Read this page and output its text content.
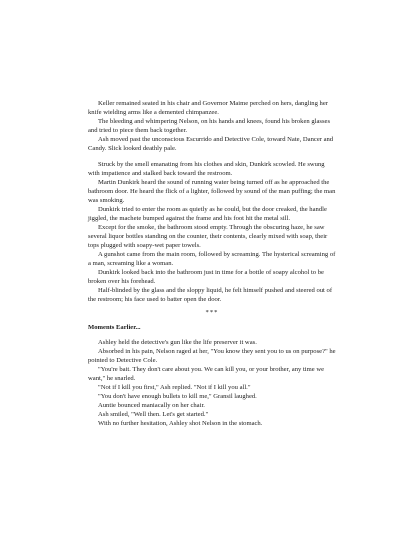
Keller remained seated in his chair and Governor Maime perched on hers, dangling her knife wielding arms like a demented chimpanzee.

The bleeding and whimpering Nelson, on his hands and knees, found his broken glasses and tried to piece them back together.

Ash moved past the unconscious Escurrido and Detective Cole, toward Nate, Dancer and Candy. Slick looked deathly pale.

Struck by the smell emanating from his clothes and skin, Dunkirk scowled. He swung with impatience and stalked back toward the restroom.

Martin Dunkirk heard the sound of running water being turned off as he approached the bathroom door. He heard the flick of a lighter, followed by sound of the man puffing; the man was smoking.

Dunkirk tried to enter the room as quietly as he could, but the door creaked, the handle jiggled, the machete bumped against the frame and his foot hit the metal sill.

Except for the smoke, the bathroom stood empty. Through the obscuring haze, he saw several liquor bottles standing on the counter, their contents, clearly mixed with soap, their tops plugged with soapy-wet paper towels.

A gunshot came from the main room, followed by screaming. The hysterical screaming of a man, screaming like a woman.

Dunkirk looked back into the bathroom just in time for a bottle of soapy alcohol to be broken over his forehead.

Half-blinded by the glass and the sloppy liquid, he felt himself pushed and steered out of the restroom; his face used to batter open the door.

***

Moments Earlier...

Ashley held the detective's gun like the life preserver it was.

Absorbed in his pain, Nelson raged at her, "You know they sent you to us on purpose?" he pointed to Detective Cole.

"You're bait. They don't care about you. We can kill you, or your brother, any time we want," he snarled.

"Not if I kill you first," Ash replied. "Not if I kill you all."

"You don't have enough bullets to kill me," Gransil laughed.

Auntie bounced maniacally on her chair.

Ash smiled, "Well then. Let's get started."

With no further hesitation, Ashley shot Nelson in the stomach.
